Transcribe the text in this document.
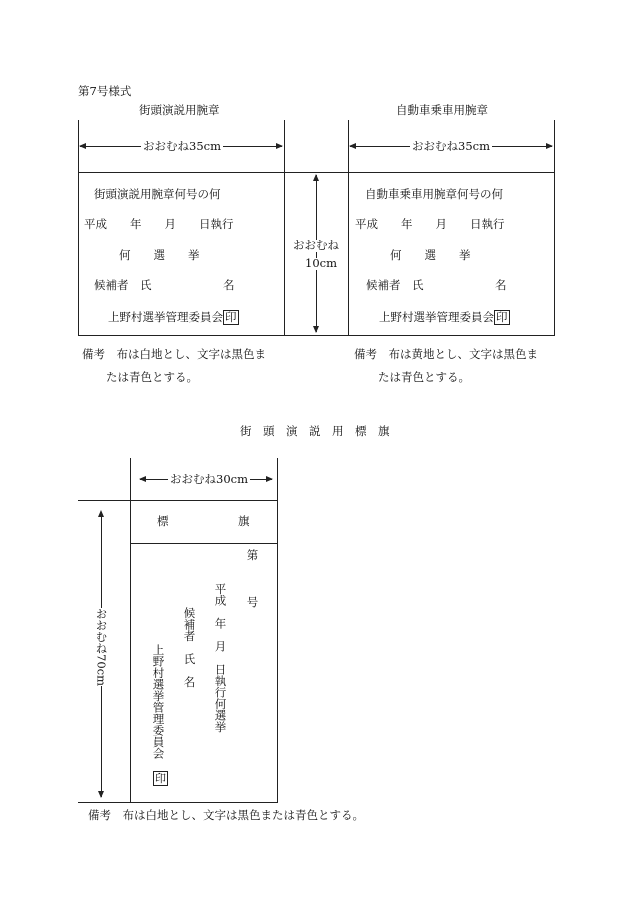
第7号様式
街頭演説用腕章	自動車乗車用腕章
おおむね35cm	おおむね35cm
街頭演説用腕章何号の何
平成　　年　　月　　日執行
何　　選　　挙
候補者　氏	名
上野村選挙管理委員会 印
おおむね
10cm
自動車乗車用腕章何号の何
平成　　年　　月　　日執行
何　　選　　挙
候補者　氏	名
上野村選挙管理委員会 印
備考　布は白地とし、文字は黒色ま
たは青色とする。
備考　布は黄地とし、文字は黒色ま
たは青色とする。
街　頭　演　説　用　標　旗
おおむね30cm
標	旗
おおむね70cm
第
号
平成　年　月　日執行何選挙
候補者　氏　名
上野村選挙管理委員会
印
備考　布は白地とし、文字は黒色または青色とする。
